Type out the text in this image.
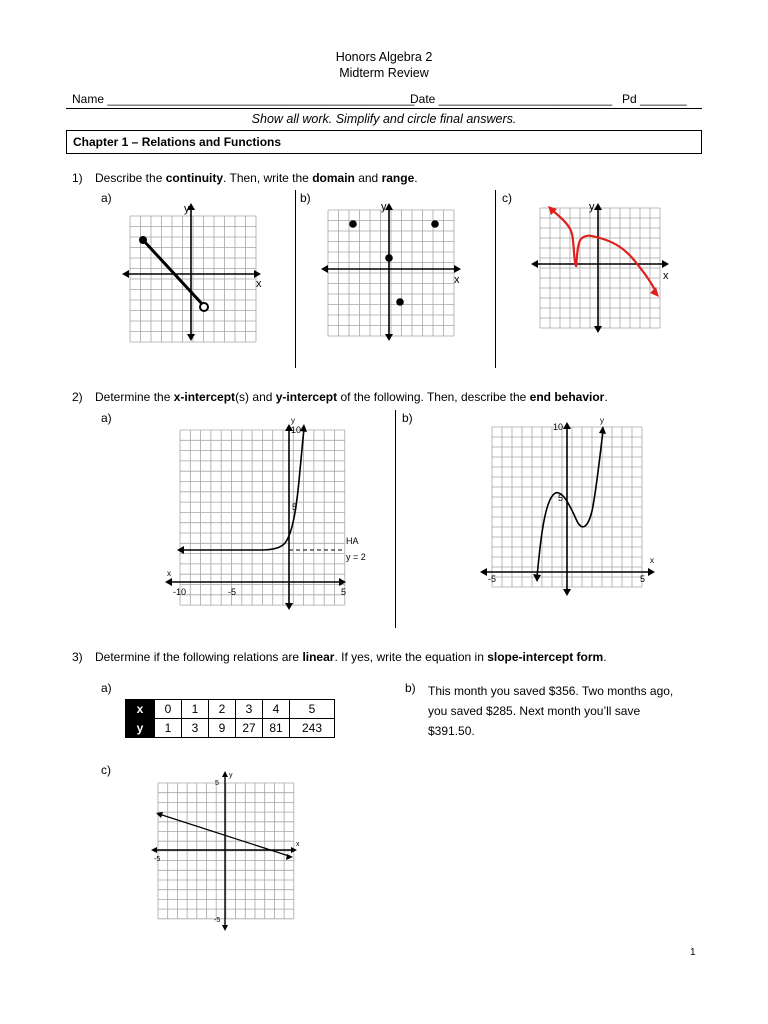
Honors Algebra 2
Midterm Review
Name ______________________________________________
Date __________________________ Pd _______
Show all work. Simplify and circle final answers.
Chapter 1 – Relations and Functions
1) Describe the continuity. Then, write the domain and range.
a)	b)	c)
y
x
y
x
y
x
2) Determine the x-intercept(s) and y-intercept of the following. Then, describe the end behavior.
a)	b)
y
x
10
5
-10	-5	5
HA
y = 2
y
x
10
5
-5	5
3) Determine if the following relations are linear. If yes, write the equation in slope-intercept form.
a)	b) This month you saved $356. Two months ago,
you saved $285. Next month you’ll save
$391.50.
x	0	1	2	3	4	5
y	1	3	9	27	81	243
c)	y
x
5
-5
-5
1
